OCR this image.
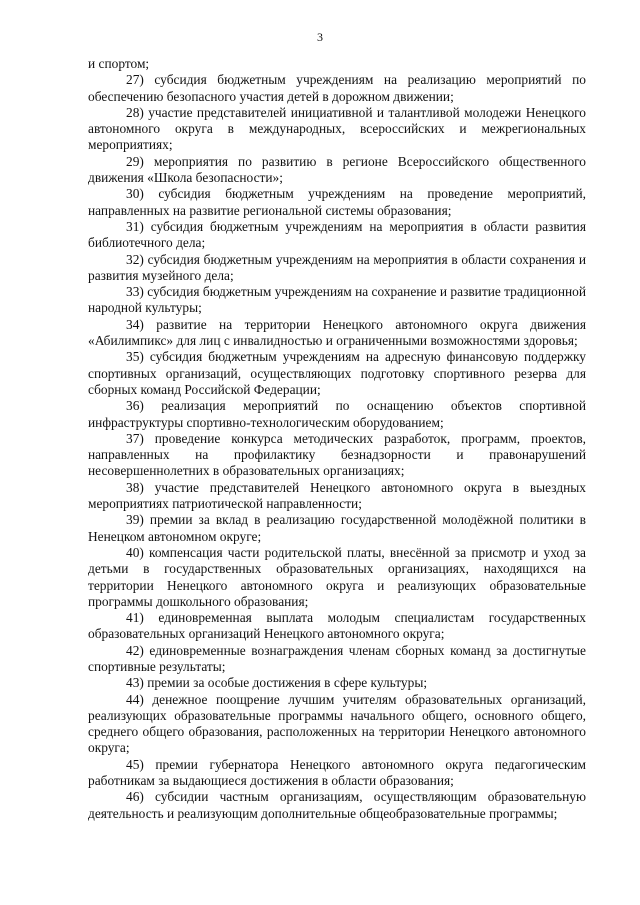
3

и спортом;

27) субсидия бюджетным учреждениям на реализацию мероприятий по обеспечению безопасного участия детей в дорожном движении;

28) участие представителей инициативной и талантливой молодежи Ненецкого автономного округа в международных, всероссийских и межрегиональных мероприятиях;

29) мероприятия по развитию в регионе Всероссийского общественного движения «Школа безопасности»;

30) субсидия бюджетным учреждениям на проведение мероприятий, направленных на развитие региональной системы образования;

31) субсидия бюджетным учреждениям на мероприятия в области развития библиотечного дела;

32) субсидия бюджетным учреждениям на мероприятия в области сохранения и развития музейного дела;

33) субсидия бюджетным учреждениям на сохранение и развитие традиционной народной культуры;

34) развитие на территории Ненецкого автономного округа движения «Абилимпикс» для лиц с инвалидностью и ограниченными возможностями здоровья;

35) субсидия бюджетным учреждениям на адресную финансовую поддержку спортивных организаций, осуществляющих подготовку спортивного резерва для сборных команд Российской Федерации;

36) реализация мероприятий по оснащению объектов спортивной инфраструктуры спортивно-технологическим оборудованием;

37) проведение конкурса методических разработок, программ, проектов, направленных на профилактику безнадзорности и правонарушений несовершеннолетних в образовательных организациях;

38) участие представителей Ненецкого автономного округа в выездных мероприятиях патриотической направленности;

39) премии за вклад в реализацию государственной молодёжной политики в Ненецком автономном округе;

40) компенсация части родительской платы, внесённой за присмотр и уход за детьми в государственных образовательных организациях, находящихся на территории Ненецкого автономного округа и реализующих образовательные программы дошкольного образования;

41) единовременная выплата молодым специалистам государственных образовательных организаций Ненецкого автономного округа;

42) единовременные вознаграждения членам сборных команд за достигнутые спортивные результаты;

43) премии за особые достижения в сфере культуры;

44) денежное поощрение лучшим учителям образовательных организаций, реализующих образовательные программы начального общего, основного общего, среднего общего образования, расположенных на территории Ненецкого автономного округа;

45) премии губернатора Ненецкого автономного округа педагогическим работникам за выдающиеся достижения в области образования;

46) субсидии частным организациям, осуществляющим образовательную деятельность и реализующим дополнительные общеобразовательные программы;
